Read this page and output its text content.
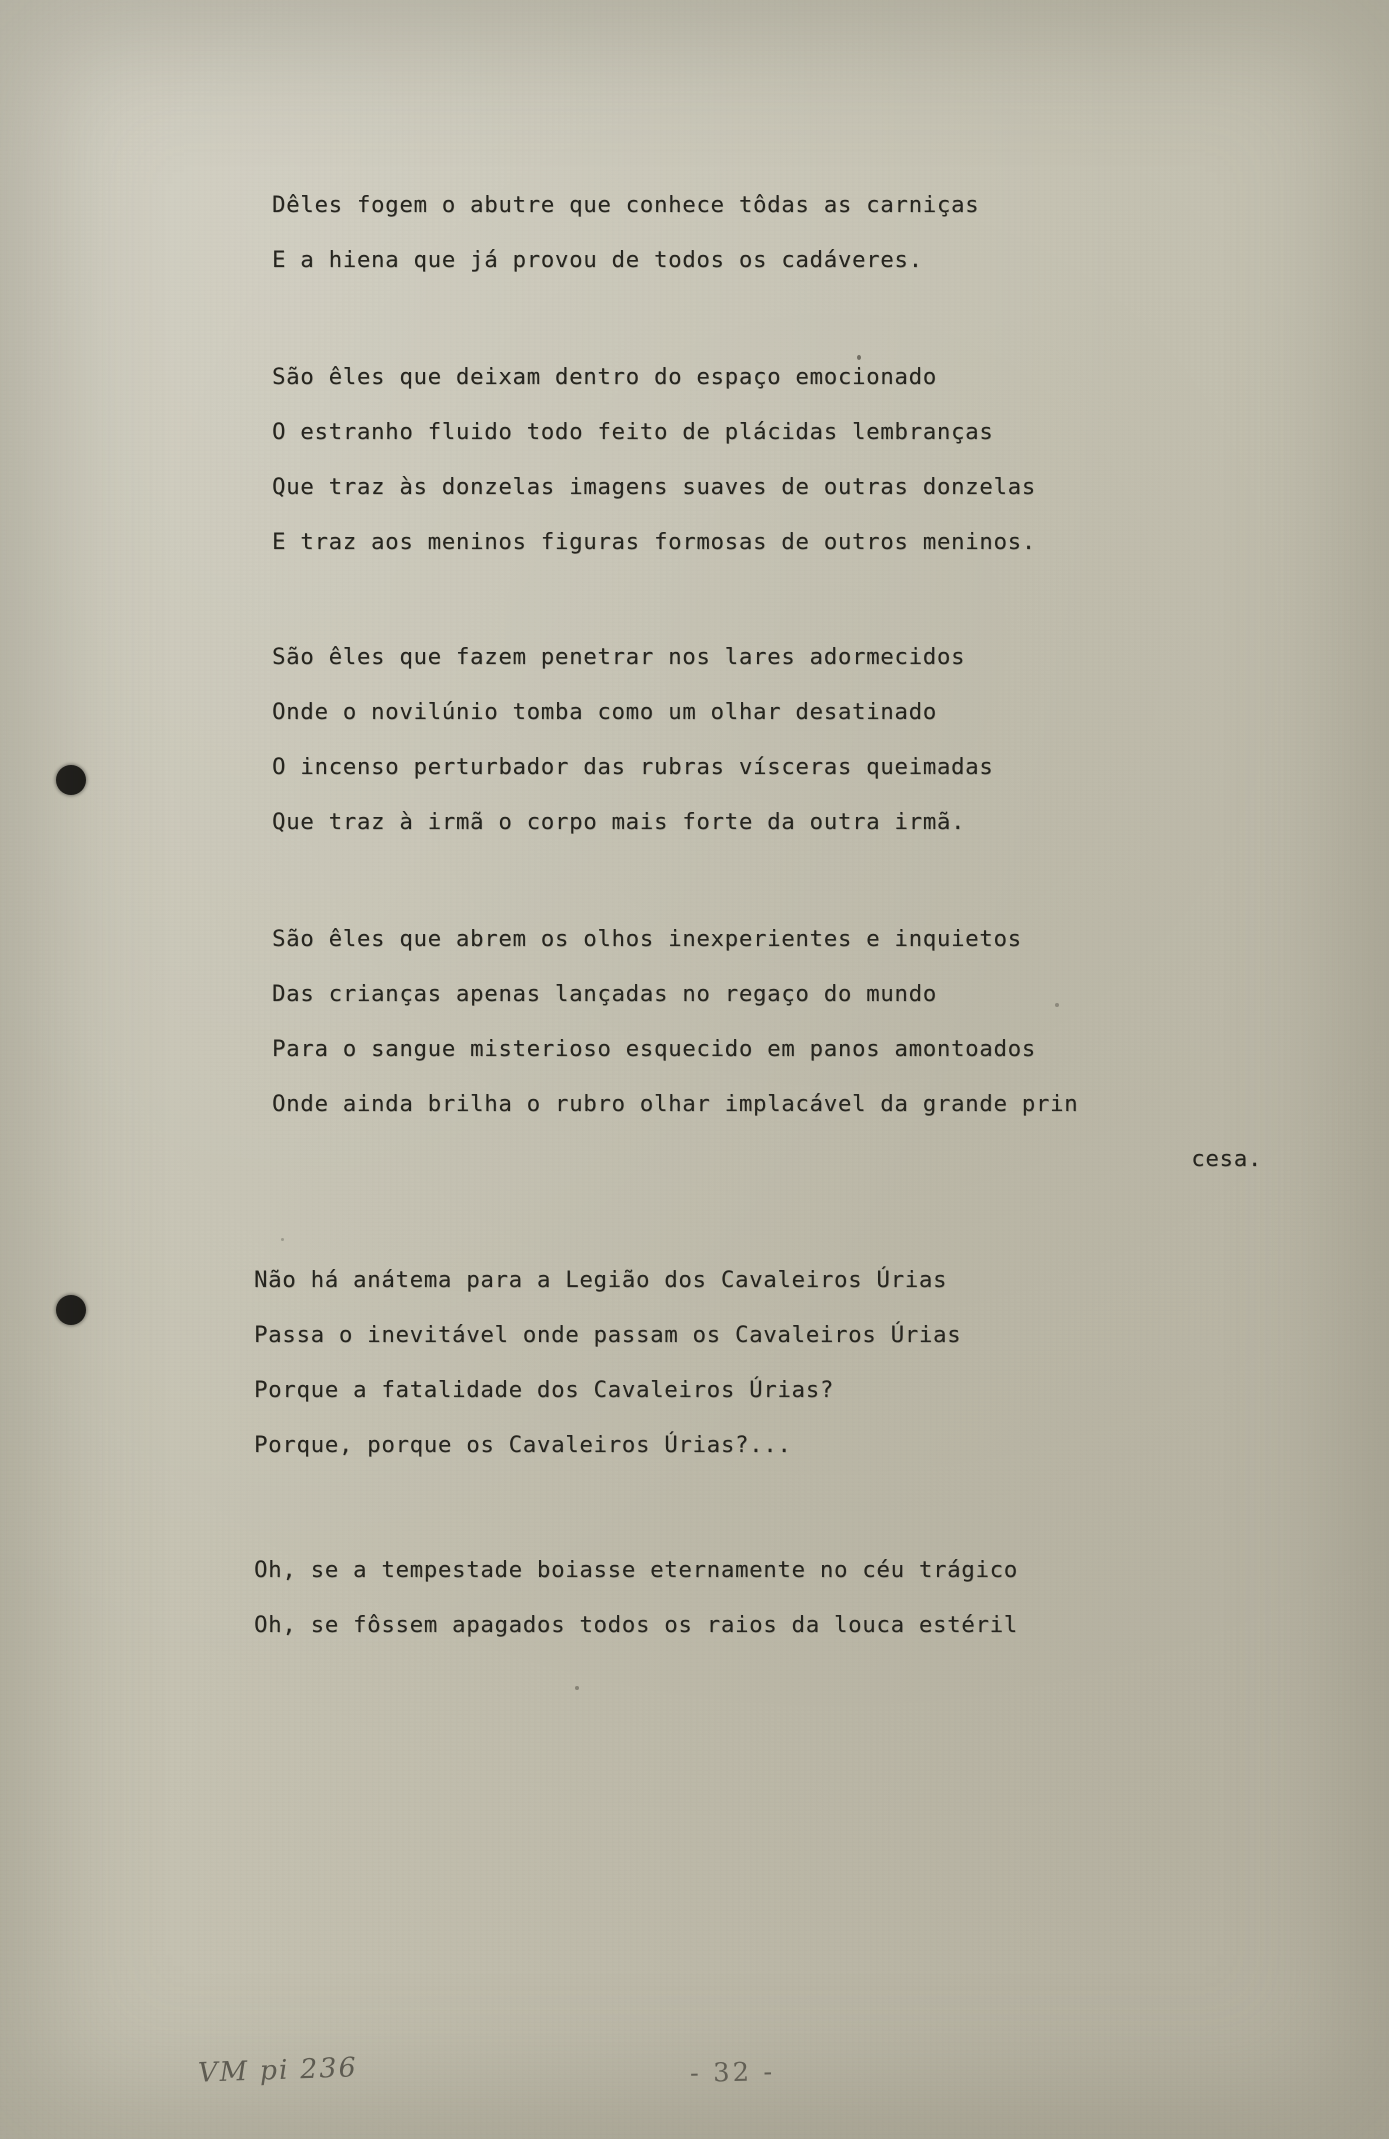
Dêles fogem o abutre que conhece tôdas as carniças
E a hiena que já provou de todos os cadáveres.
São êles que deixam dentro do espaço emocionado
O estranho fluido todo feito de plácidas lembranças
Que traz às donzelas imagens suaves de outras donzelas
E traz aos meninos figuras formosas de outros meninos.
São êles que fazem penetrar nos lares adormecidos
Onde o novilúnio tomba como um olhar desatinado
O incenso perturbador das rubras vísceras queimadas
Que traz à irmã o corpo mais forte da outra irmã.
São êles que abrem os olhos inexperientes e inquietos
Das crianças apenas lançadas no regaço do mundo
Para o sangue misterioso esquecido em panos amontoados
Onde ainda brilha o rubro olhar implacável da grande prin
cesa.
Não há anátema para a Legião dos Cavaleiros Úrias
Passa o inevitável onde passam os Cavaleiros Úrias
Porque a fatalidade dos Cavaleiros Úrias?
Porque, porque os Cavaleiros Úrias?...
Oh, se a tempestade boiasse eternamente no céu trágico
Oh, se fôssem apagados todos os raios da louca estéril
VM pi 236	- 32 -
